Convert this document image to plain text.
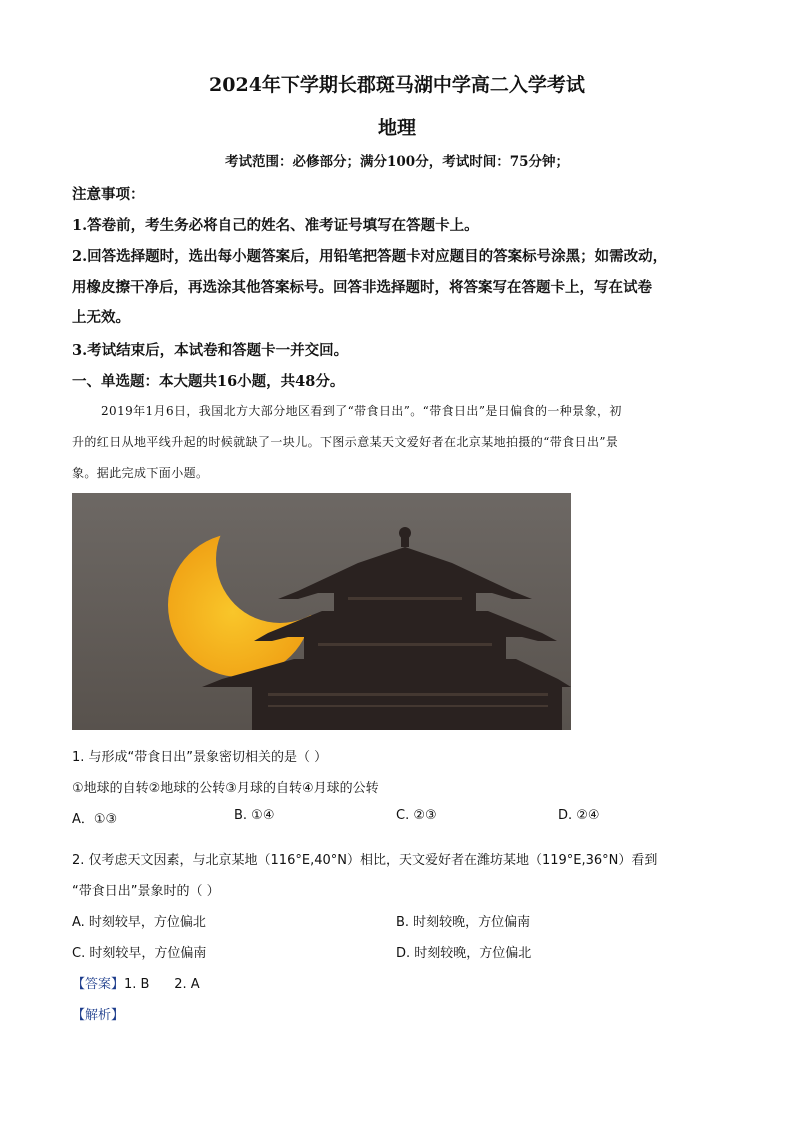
2024年下学期长郡斑马湖中学高二入学考试
地理
考试范围：必修部分；满分100分，考试时间：75分钟；
注意事项：
1.答卷前，考生务必将自己的姓名、准考证号填写在答题卡上。
2.回答选择题时，选出每小题答案后，用铅笔把答题卡对应题目的答案标号涂黑；如需改动，
用橡皮擦干净后，再选涂其他答案标号。回答非选择题时，将答案写在答题卡上，写在试卷
上无效。
3.考试结束后，本试卷和答题卡一并交回。
一、单选题：本大题共16小题，共48分。
2019年1月6日，我国北方大部分地区看到了“带食日出”。“带食日出”是日偏食的一种景象，初
升的红日从地平线升起的时候就缺了一块儿。下图示意某天文爱好者在北京某地拍摄的“带食日出”景
象。据此完成下面小题。
1. 与形成“带食日出”景象密切相关的是（ ）
①地球的自转②地球的公转③月球的自转④月球的公转
A．①③	B. ①④	C. ②③	D. ②④
2. 仅考虑天文因素，与北京某地（116°E,40°N）相比，天文爱好者在潍坊某地（119°E,36°N）看到
“带食日出”景象时的（ ）
A. 时刻较早，方位偏北	B. 时刻较晚，方位偏南
C. 时刻较早，方位偏南	D. 时刻较晚，方位偏北
【答案】1. B      2. A
【解析】
